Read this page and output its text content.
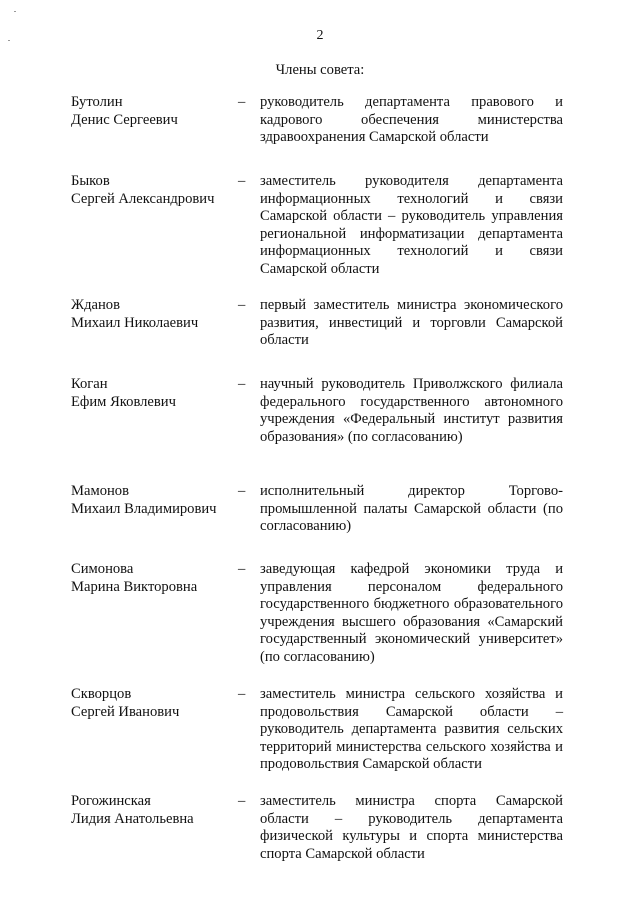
2
Члены совета:
Бутолин
Денис Сергеевич
– руководитель департамента правового и кадрового обеспечения министерства здравоохранения Самарской области
Быков
Сергей Александрович
– заместитель руководителя департамента информационных технологий и связи Самарской области – руководитель управления региональной информатизации департамента информационных технологий и связи Самарской области
Жданов
Михаил Николаевич
– первый заместитель министра экономического развития, инвестиций и торговли Самарской области
Коган
Ефим Яковлевич
– научный руководитель Приволжского филиала федерального государственного автономного учреждения «Федеральный институт развития образования» (по согласованию)
Мамонов
Михаил Владимирович
– исполнительный директор Торгово-промышленной палаты Самарской области (по согласованию)
Симонова
Марина Викторовна
– заведующая кафедрой экономики труда и управления персоналом федерального государственного бюджетного образовательного учреждения высшего образования «Самарский государственный экономический университет» (по согласованию)
Скворцов
Сергей Иванович
– заместитель министра сельского хозяйства и продовольствия Самарской области – руководитель департамента развития сельских территорий министерства сельского хозяйства и продовольствия Самарской области
Рогожинская
Лидия Анатольевна
– заместитель министра спорта Самарской области – руководитель департамента физической культуры и спорта министерства спорта Самарской области
